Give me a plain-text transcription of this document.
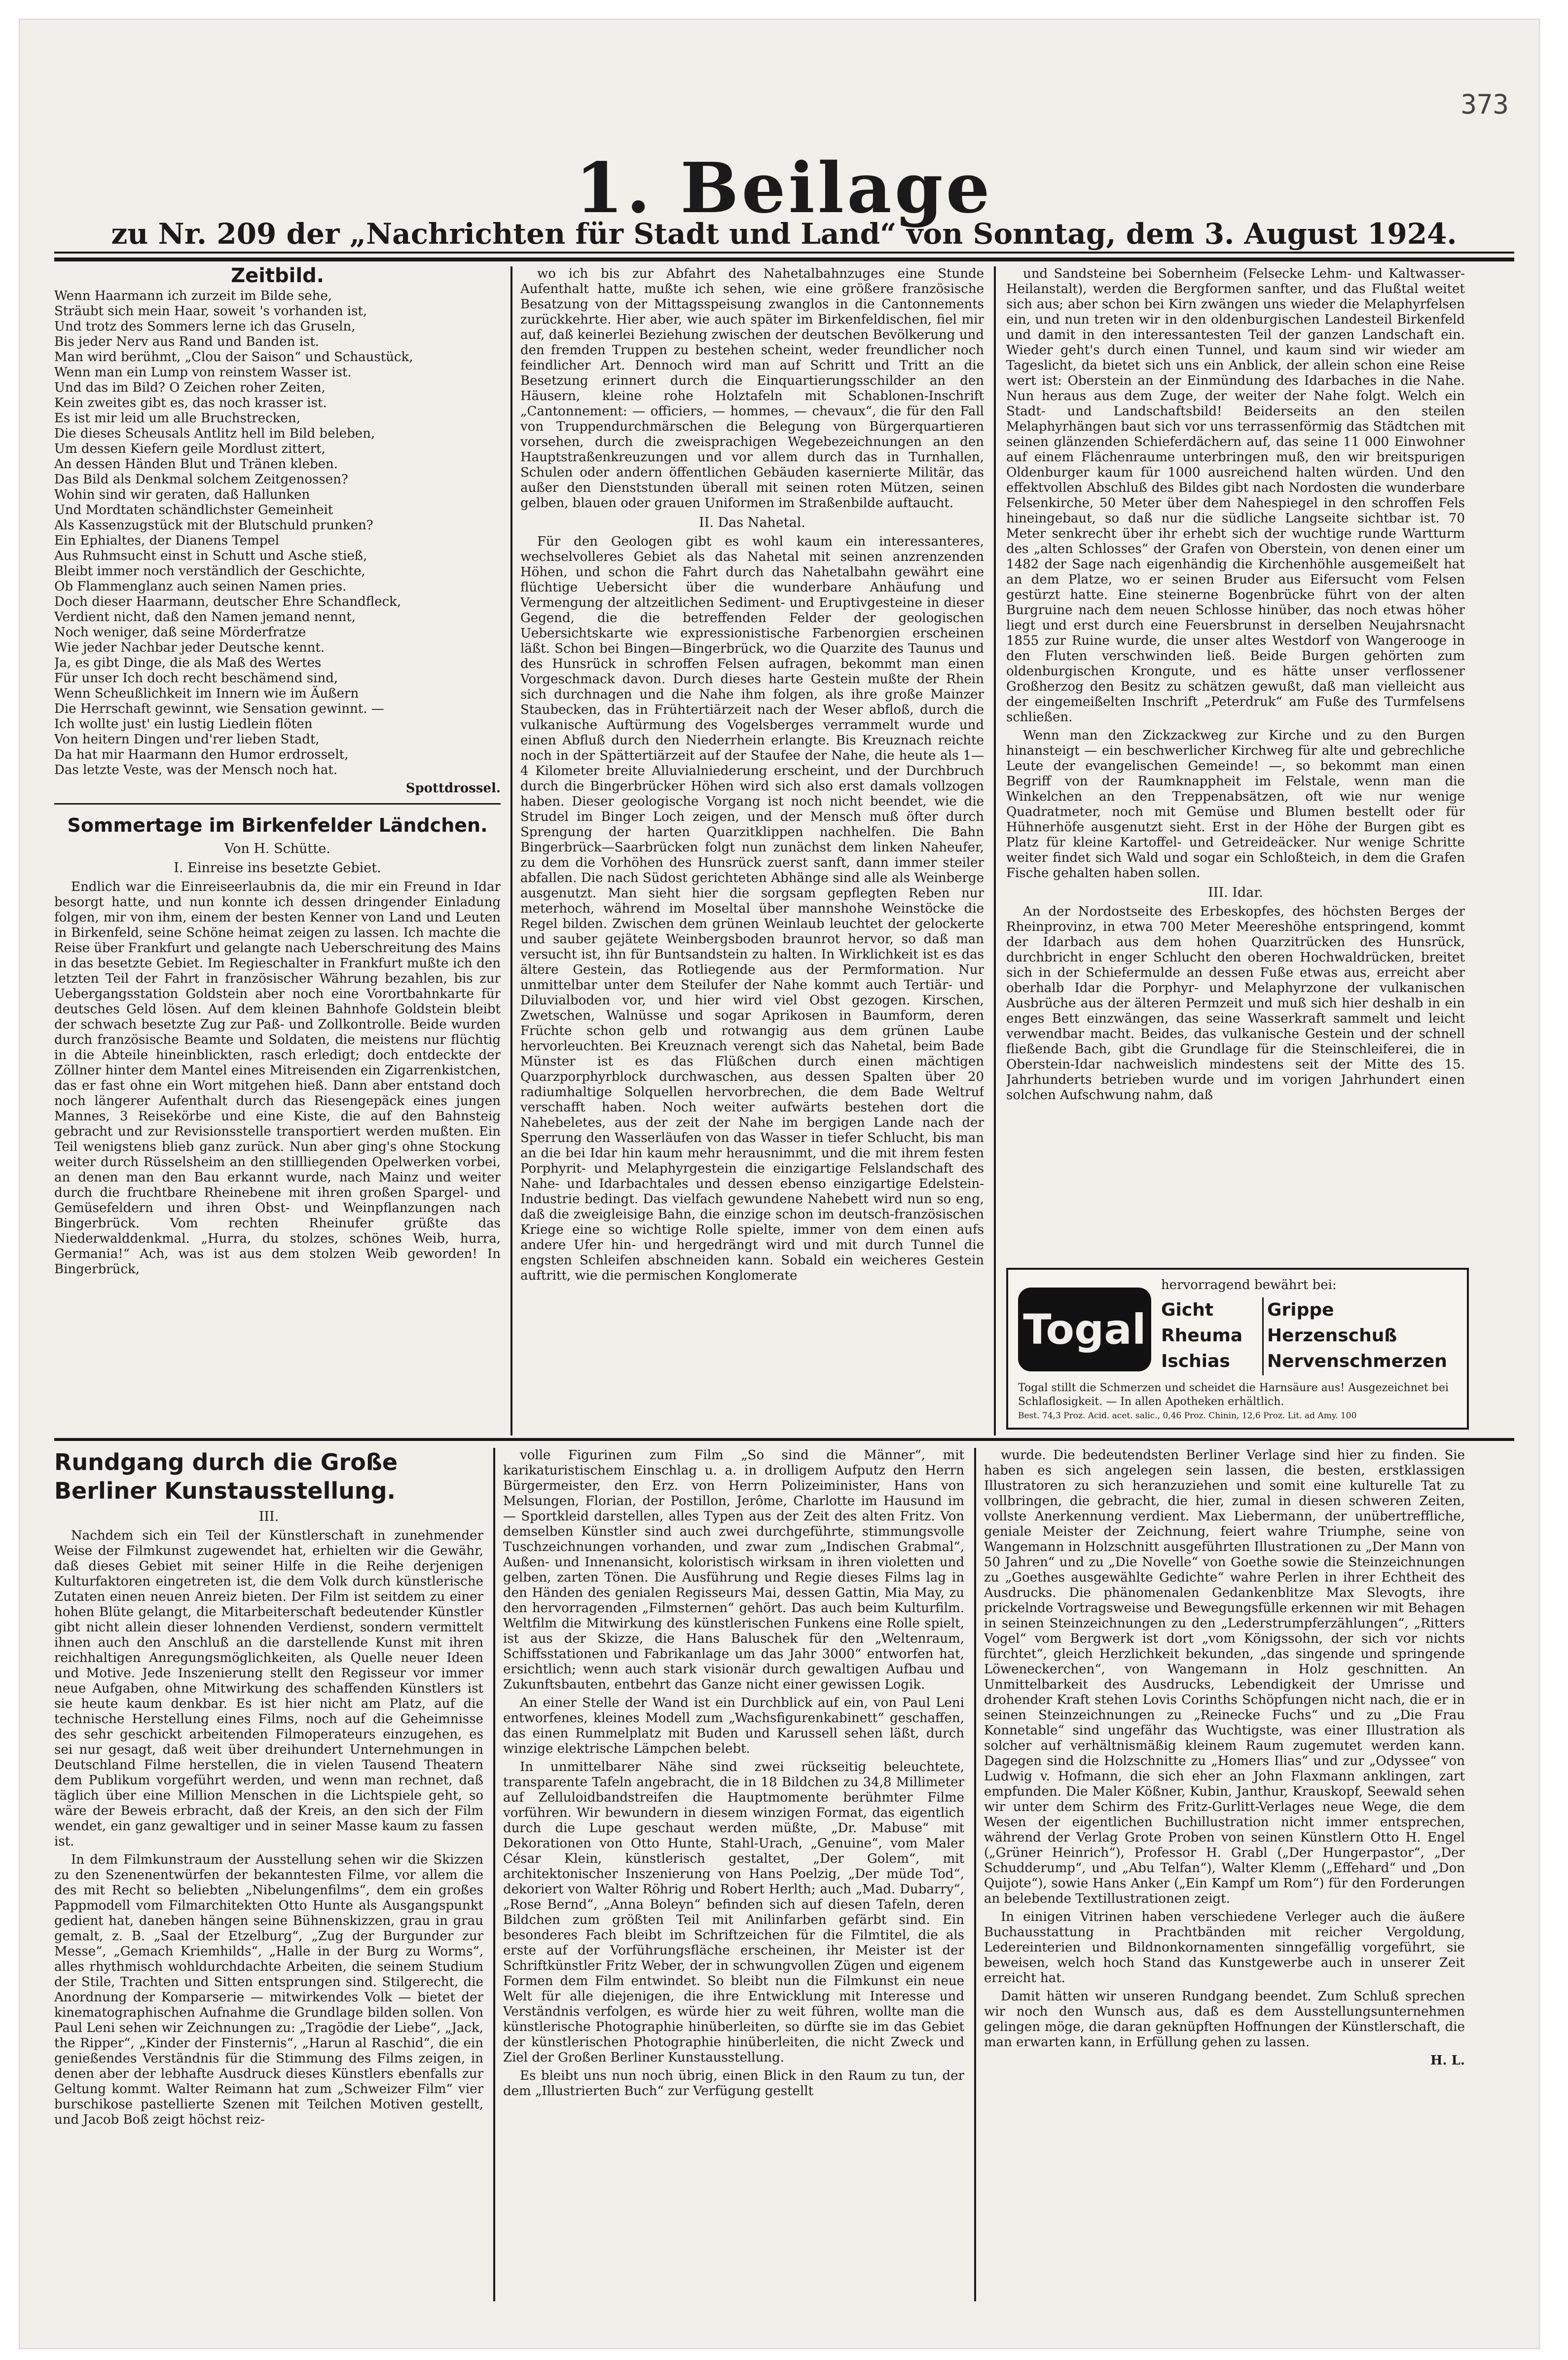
373
1. Beilage
zu Nr. 209 der „Nachrichten für Stadt und Land“ von Sonntag, dem 3. August 1924.
Zeitbild.

Wenn Haarmann ich zurzeit im Bilde sehe,

Sträubt sich mein Haar, soweit 's vorhanden ist,

Und trotz des Sommers lerne ich das Gruseln,

Bis jeder Nerv aus Rand und Banden ist.

Man wird berühmt, „Clou der Saison“ und Schaustück,

Wenn man ein Lump von reinstem Wasser ist.

Und das im Bild? O Zeichen roher Zeiten,

Kein zweites gibt es, das noch krasser ist.

Es ist mir leid um alle Bruchstrecken,

Die dieses Scheusals Antlitz hell im Bild beleben,

Um dessen Kiefern geile Mordlust zittert,

An dessen Händen Blut und Tränen kleben.

Das Bild als Denkmal solchem Zeitgenossen?

Wohin sind wir geraten, daß Hallunken

Und Mordtaten schändlichster Gemeinheit

Als Kassenzugstück mit der Blutschuld prunken?

Ein Ephialtes, der Dianens Tempel

Aus Ruhmsucht einst in Schutt und Asche stieß,

Bleibt immer noch verständlich der Geschichte,

Ob Flammenglanz auch seinen Namen pries.

Doch dieser Haarmann, deutscher Ehre Schandfleck,

Verdient nicht, daß den Namen jemand nennt,

Noch weniger, daß seine Mörderfratze

Wie jeder Nachbar jeder Deutsche kennt.

Ja, es gibt Dinge, die als Maß des Wertes

Für unser Ich doch recht beschämend sind,

Wenn Scheußlichkeit im Innern wie im Äußern

Die Herrschaft gewinnt, wie Sensation gewinnt. —

Ich wollte just' ein lustig Liedlein flöten

Von heitern Dingen und'rer lieben Stadt,

Da hat mir Haarmann den Humor erdrosselt,

Das letzte Veste, was der Mensch noch hat.

Spottdrossel.
Sommertage im Birkenfelder Ländchen.
Von H. Schütte.
I. Einreise ins besetzte Gebiet.

Endlich war die Einreiseerlaubnis da, die mir ein Freund in Idar besorgt hatte, und nun konnte ich dessen dringender Einladung folgen, mir von ihm, einem der besten Kenner von Land und Leuten in Birkenfeld, seine Schöne heimat zeigen zu lassen. Ich machte die Reise über Frankfurt und gelangte nach Ueberschreitung des Mains in das besetzte Gebiet. Im Regieschalter in Frankfurt mußte ich den letzten Teil der Fahrt in französischer Währung bezahlen, bis zur Uebergangsstation Goldstein aber noch eine Vorortbahnkarte für deutsches Geld lösen. Auf dem kleinen Bahnhofe Goldstein bleibt der schwach besetzte Zug zur Paß- und Zollkontrolle. Beide wurden durch französische Beamte und Soldaten, die meistens nur flüchtig in die Abteile hineinblickten, rasch erledigt; doch entdeckte der Zöllner hinter dem Mantel eines Mitreisenden ein Zigarrenkistchen, das er fast ohne ein Wort mitgehen hieß. Dann aber entstand doch noch längerer Aufenthalt durch das Riesengepäck eines jungen Mannes, 3 Reisekörbe und eine Kiste, die auf den Bahnsteig gebracht und zur Revisionsstelle transportiert werden mußten. Ein Teil wenigstens blieb ganz zurück. Nun aber ging's ohne Stockung weiter durch Rüsselsheim an den stillliegenden Opelwerken vorbei, an denen man den Bau erkannt wurde, nach Mainz und weiter durch die fruchtbare Rheinebene mit ihren großen Spargel- und Gemüsefeldern und ihren Obst- und Weinpflanzungen nach Bingerbrück. Vom rechten Rheinufer grüßte das Niederwalddenkmal. „Hurra, du stolzes, schönes Weib, hurra, Germania!“ Ach, was ist aus dem stolzen Weib geworden! In Bingerbrück,

wo ich bis zur Abfahrt des Nahetalbahnzuges eine Stunde Aufenthalt hatte, mußte ich sehen, wie eine größere französische Besatzung von der Mittagsspeisung zwanglos in die Cantonnements zurückkehrte. Hier aber, wie auch später im Birkenfeldischen, fiel mir auf, daß keinerlei Beziehung zwischen der deutschen Bevölkerung und den fremden Truppen zu bestehen scheint, weder freundlicher noch feindlicher Art. Dennoch wird man auf Schritt und Tritt an die Besetzung erinnert durch die Einquartierungsschilder an den Häusern, kleine rohe Holztafeln mit Schablonen-Inschrift „Cantonnement: — officiers, — hommes, — chevaux“, die für den Fall von Truppendurchmärschen die Belegung von Bürgerquartieren vorsehen, durch die zweisprachigen Wegebezeichnungen an den Hauptstraßenkreuzungen und vor allem durch das in Turnhallen, Schulen oder andern öffentlichen Gebäuden kasernierte Militär, das außer den Dienststunden überall mit seinen roten Mützen, seinen gelben, blauen oder grauen Uniformen im Straßenbilde auftaucht.

II. Das Nahetal.

Für den Geologen gibt es wohl kaum ein interessanteres, wechselvolleres Gebiet als das Nahetal mit seinen anzrenzenden Höhen, und schon die Fahrt durch das Nahetalbahn gewährt eine flüchtige Uebersicht über die wunderbare Anhäufung und Vermengung der altzeitlichen Sediment- und Eruptivgesteine in dieser Gegend, die die betreffenden Felder der geologischen Uebersichtskarte wie expressionistische Farbenorgien erscheinen läßt. Schon bei Bingen—Bingerbrück, wo die Quarzite des Taunus und des Hunsrück in schroffen Felsen aufragen, bekommt man einen Vorgeschmack davon. Durch dieses harte Gestein mußte der Rhein sich durchnagen und die Nahe ihm folgen, als ihre große Mainzer Staubecken, das in Frühtertiärzeit nach der Weser abfloß, durch die vulkanische Auftürmung des Vogelsberges verrammelt wurde und einen Abfluß durch den Niederrhein erlangte. Bis Kreuznach reichte noch in der Spättertiärzeit auf der Staufee der Nahe, die heute als 1—4 Kilometer breite Alluvialniederung erscheint, und der Durchbruch durch die Bingerbrücker Höhen wird sich also erst damals vollzogen haben. Dieser geologische Vorgang ist noch nicht beendet, wie die Strudel im Binger Loch zeigen, und der Mensch muß öfter durch Sprengung der harten Quarzitklippen nachhelfen. Die Bahn Bingerbrück—Saarbrücken folgt nun zunächst dem linken Naheufer, zu dem die Vorhöhen des Hunsrück zuerst sanft, dann immer steiler abfallen. Die nach Südost gerichteten Abhänge sind alle als Weinberge ausgenutzt. Man sieht hier die sorgsam gepflegten Reben nur meterhoch, während im Moseltal über mannshohe Weinstöcke die Regel bilden. Zwischen dem grünen Weinlaub leuchtet der gelockerte und sauber gejätete Weinbergsboden braunrot hervor, so daß man versucht ist, ihn für Buntsandstein zu halten. In Wirklichkeit ist es das ältere Gestein, das Rotliegende aus der Permformation. Nur unmittelbar unter dem Steilufer der Nahe kommt auch Tertiär- und Diluvialboden vor, und hier wird viel Obst gezogen. Kirschen, Zwetschen, Walnüsse und sogar Aprikosen in Baumform, deren Früchte schon gelb und rotwangig aus dem grünen Laube hervorleuchten. Bei Kreuznach verengt sich das Nahetal, beim Bade Münster ist es das Flüßchen durch einen mächtigen Quarzporphyrblock durchwaschen, aus dessen Spalten über 20 radiumhaltige Solquellen hervorbrechen, die dem Bade Weltruf verschafft haben. Noch weiter aufwärts bestehen dort die Nahebeletes, aus der zeit der Nahe im bergigen Lande nach der Sperrung den Wasserläufen von das Wasser in tiefer Schlucht, bis man an die bei Idar hin kaum mehr herausnimmt, und die mit ihrem festen Porphyrit- und Melaphyrgestein die einzigartige Felslandschaft des Nahe- und Idarbachtales und dessen ebenso einzigartige Edelstein-Industrie bedingt. Das vielfach gewundene Nahebett wird nun so eng, daß die zweigleisige Bahn, die einzige schon im deutsch-französischen Kriege eine so wichtige Rolle spielte, immer von dem einen aufs andere Ufer hin- und hergedrängt wird und mit durch Tunnel die engsten Schleifen abschneiden kann. Sobald ein weicheres Gestein auftritt, wie die permischen Konglomerate

und Sandsteine bei Sobernheim (Felsecke Lehm- und Kaltwasser-Heilanstalt), werden die Bergformen sanfter, und das Flußtal weitet sich aus; aber schon bei Kirn zwängen uns wieder die Melaphyrfelsen ein, und nun treten wir in den oldenburgischen Landesteil Birkenfeld und damit in den interessantesten Teil der ganzen Landschaft ein. Wieder geht's durch einen Tunnel, und kaum sind wir wieder am Tageslicht, da bietet sich uns ein Anblick, der allein schon eine Reise wert ist: Oberstein an der Einmündung des Idarbaches in die Nahe. Nun heraus aus dem Zuge, der weiter der Nahe folgt. Welch ein Stadt- und Landschaftsbild! Beiderseits an den steilen Melaphyrhängen baut sich vor uns terrassenförmig das Städtchen mit seinen glänzenden Schieferdächern auf, das seine 11 000 Einwohner auf einem Flächenraume unterbringen muß, den wir breitspurigen Oldenburger kaum für 1000 ausreichend halten würden. Und den effektvollen Abschluß des Bildes gibt nach Nordosten die wunderbare Felsenkirche, 50 Meter über dem Nahespiegel in den schroffen Fels hineingebaut, so daß nur die südliche Langseite sichtbar ist. 70 Meter senkrecht über ihr erhebt sich der wuchtige runde Wartturm des „alten Schlosses“ der Grafen von Oberstein, von denen einer um 1482 der Sage nach eigenhändig die Kirchenhöhle ausgemeißelt hat an dem Platze, wo er seinen Bruder aus Eifersucht vom Felsen gestürzt hatte. Eine steinerne Bogenbrücke führt von der alten Burgruine nach dem neuen Schlosse hinüber, das noch etwas höher liegt und erst durch eine Feuersbrunst in derselben Neujahrsnacht 1855 zur Ruine wurde, die unser altes Westdorf von Wangerooge in den Fluten verschwinden ließ. Beide Burgen gehörten zum oldenburgischen Krongute, und es hätte unser verflossener Großherzog den Besitz zu schätzen gewußt, daß man vielleicht aus der eingemeißelten Inschrift „Peterdruk“ am Fuße des Turmfelsens schließen.

Wenn man den Zickzackweg zur Kirche und zu den Burgen hinansteigt — ein beschwerlicher Kirchweg für alte und gebrechliche Leute der evangelischen Gemeinde! —, so bekommt man einen Begriff von der Raumknappheit im Felstale, wenn man die Winkelchen an den Treppenabsätzen, oft wie nur wenige Quadratmeter, noch mit Gemüse und Blumen bestellt oder für Hühnerhöfe ausgenutzt sieht. Erst in der Höhe der Burgen gibt es Platz für kleine Kartoffel- und Getreideäcker. Nur wenige Schritte weiter findet sich Wald und sogar ein Schloßteich, in dem die Grafen Fische gehalten haben sollen.

III. Idar.

An der Nordostseite des Erbeskopfes, des höchsten Berges der Rheinprovinz, in etwa 700 Meter Meereshöhe entspringend, kommt der Idarbach aus dem hohen Quarzitrücken des Hunsrück, durchbricht in enger Schlucht den oberen Hochwaldrücken, breitet sich in der Schiefermulde an dessen Fuße etwas aus, erreicht aber oberhalb Idar die Porphyr- und Melaphyrzone der vulkanischen Ausbrüche aus der älteren Permzeit und muß sich hier deshalb in ein enges Bett einzwängen, das seine Wasserkraft sammelt und leicht verwendbar macht. Beides, das vulkanische Gestein und der schnell fließende Bach, gibt die Grundlage für die Steinschleiferei, die in Oberstein-Idar nachweislich mindestens seit der Mitte des 15. Jahrhunderts betrieben wurde und im vorigen Jahrhundert einen solchen Aufschwung nahm, daß

Togal
hervorragend bewährt bei:
Gicht
Rheuma
Ischias
Grippe
Herzenschuß
Nervenschmerzen
Togal stillt die Schmerzen und scheidet die Harnsäure aus! Ausgezeichnet bei Schlaflosigkeit. — In allen Apotheken erhältlich.
Best. 74,3 Proz. Acid. acet. salic., 0,46 Proz. Chinin, 12,6 Proz. Lit. ad Amy. 100
Rundgang durch die Große Berliner Kunstausstellung.
III.

Nachdem sich ein Teil der Künstlerschaft in zunehmender Weise der Filmkunst zugewendet hat, erhielten wir die Gewähr, daß dieses Gebiet mit seiner Hilfe in die Reihe derjenigen Kulturfaktoren eingetreten ist, die dem Volk durch künstlerische Zutaten einen neuen Anreiz bieten. Der Film ist seitdem zu einer hohen Blüte gelangt, die Mitarbeiterschaft bedeutender Künstler gibt nicht allein dieser lohnenden Verdienst, sondern vermittelt ihnen auch den Anschluß an die darstellende Kunst mit ihren reichhaltigen Anregungsmöglichkeiten, als Quelle neuer Ideen und Motive. Jede Inszenierung stellt den Regisseur vor immer neue Aufgaben, ohne Mitwirkung des schaffenden Künstlers ist sie heute kaum denkbar. Es ist hier nicht am Platz, auf die technische Herstellung eines Films, noch auf die Geheimnisse des sehr geschickt arbeitenden Filmoperateurs einzugehen, es sei nur gesagt, daß weit über dreihundert Unternehmungen in Deutschland Filme herstellen, die in vielen Tausend Theatern dem Publikum vorgeführt werden, und wenn man rechnet, daß täglich über eine Million Menschen in die Lichtspiele geht, so wäre der Beweis erbracht, daß der Kreis, an den sich der Film wendet, ein ganz gewaltiger und in seiner Masse kaum zu fassen ist.

In dem Filmkunstraum der Ausstellung sehen wir die Skizzen zu den Szenenentwürfen der bekanntesten Filme, vor allem die des mit Recht so beliebten „Nibelungenfilms“, dem ein großes Pappmodell vom Filmarchitekten Otto Hunte als Ausgangspunkt gedient hat, daneben hängen seine Bühnenskizzen, grau in grau gemalt, z. B. „Saal der Etzelburg“, „Zug der Burgunder zur Messe“, „Gemach Kriemhilds“, „Halle in der Burg zu Worms“, alles rhythmisch wohldurchdachte Arbeiten, die seinem Studium der Stile, Trachten und Sitten entsprungen sind. Stilgerecht, die Anordnung der Komparserie — mitwirkendes Volk — bietet der kinematographischen Aufnahme die Grundlage bilden sollen. Von Paul Leni sehen wir Zeichnungen zu: „Tragödie der Liebe“, „Jack, the Ripper“, „Kinder der Finsternis“, „Harun al Raschid“, die ein genießendes Verständnis für die Stimmung des Films zeigen, in denen aber der lebhafte Ausdruck dieses Künstlers ebenfalls zur Geltung kommt. Walter Reimann hat zum „Schweizer Film“ vier burschikose pastellierte Szenen mit Teilchen Motiven gestellt, und Jacob Boß zeigt höchst reiz-

volle Figurinen zum Film „So sind die Männer“, mit karikaturistischem Einschlag u. a. in drolligem Aufputz den Herrn Bürgermeister, den Erz. von Herrn Polizeiminister, Hans von Melsungen, Florian, der Postillon, Jerôme, Charlotte im Hausund im — Sportkleid darstellen, alles Typen aus der Zeit des alten Fritz. Von demselben Künstler sind auch zwei durchgeführte, stimmungsvolle Tuschzeichnungen vorhanden, und zwar zum „Indischen Grabmal“, Außen- und Innenansicht, koloristisch wirksam in ihren violetten und gelben, zarten Tönen. Die Ausführung und Regie dieses Films lag in den Händen des genialen Regisseurs Mai, dessen Gattin, Mia May, zu den hervorragenden „Filmsternen“ gehört. Das auch beim Kulturfilm. Weltfilm die Mitwirkung des künstlerischen Funkens eine Rolle spielt, ist aus der Skizze, die Hans Baluschek für den „Weltenraum, Schiffsstationen und Fabrikanlage um das Jahr 3000“ entworfen hat, ersichtlich; wenn auch stark visionär durch gewaltigen Aufbau und Zukunftsbauten, entbehrt das Ganze nicht einer gewissen Logik.

An einer Stelle der Wand ist ein Durchblick auf ein, von Paul Leni entworfenes, kleines Modell zum „Wachsfigurenkabinett“ geschaffen, das einen Rummelplatz mit Buden und Karussell sehen läßt, durch winzige elektrische Lämpchen belebt.

In unmittelbarer Nähe sind zwei rückseitig beleuchtete, transparente Tafeln angebracht, die in 18 Bildchen zu 34,8 Millimeter auf Zelluloidbandstreifen die Hauptmomente berühmter Filme vorführen. Wir bewundern in diesem winzigen Format, das eigentlich durch die Lupe geschaut werden müßte, „Dr. Mabuse“ mit Dekorationen von Otto Hunte, Stahl-Urach, „Genuine“, vom Maler César Klein, künstlerisch gestaltet, „Der Golem“, mit architektonischer Inszenierung von Hans Poelzig, „Der müde Tod“, dekoriert von Walter Röhrig und Robert Herlth; auch „Mad. Dubarry“, „Rose Bernd“, „Anna Boleyn“ befinden sich auf diesen Tafeln, deren Bildchen zum größten Teil mit Anilinfarben gefärbt sind. Ein besonderes Fach bleibt im Schriftzeichen für die Filmtitel, die als erste auf der Vorführungsfläche erscheinen, ihr Meister ist der Schriftkünstler Fritz Weber, der in schwungvollen Zügen und eigenem Formen dem Film entwindet. So bleibt nun die Filmkunst ein neue Welt für alle diejenigen, die ihre Entwicklung mit Interesse und Verständnis verfolgen, es würde hier zu weit führen, wollte man die künstlerische Photographie hinüberleiten, so dürfte sie im das Gebiet der künstlerischen Photographie hinüberleiten, die nicht Zweck und Ziel der Großen Berliner Kunstausstellung.

Es bleibt uns nun noch übrig, einen Blick in den Raum zu tun, der dem „Illustrierten Buch“ zur Verfügung gestellt

wurde. Die bedeutendsten Berliner Verlage sind hier zu finden. Sie haben es sich angelegen sein lassen, die besten, erstklassigen Illustratoren zu sich heranzuziehen und somit eine kulturelle Tat zu vollbringen, die gebracht, die hier, zumal in diesen schweren Zeiten, vollste Anerkennung verdient. Max Liebermann, der unübertreffliche, geniale Meister der Zeichnung, feiert wahre Triumphe, seine von Wangemann in Holzschnitt ausgeführten Illustrationen zu „Der Mann von 50 Jahren“ und zu „Die Novelle“ von Goethe sowie die Steinzeichnungen zu „Goethes ausgewählte Gedichte“ wahre Perlen in ihrer Echtheit des Ausdrucks. Die phänomenalen Gedankenblitze Max Slevogts, ihre prickelnde Vortragsweise und Bewegungsfülle erkennen wir mit Behagen in seinen Steinzeichnungen zu den „Lederstrumpferzählungen“, „Ritters Vogel“ vom Bergwerk ist dort „vom Königssohn, der sich vor nichts fürchtet“, gleich Herzlichkeit bekunden, „das singende und springende Löweneckerchen“, von Wangemann in Holz geschnitten. An Unmittelbarkeit des Ausdrucks, Lebendigkeit der Umrisse und drohender Kraft stehen Lovis Corinths Schöpfungen nicht nach, die er in seinen Steinzeichnungen zu „Reinecke Fuchs“ und zu „Die Frau Konnetable“ sind ungefähr das Wuchtigste, was einer Illustration als solcher auf verhältnismäßig kleinem Raum zugemutet werden kann. Dagegen sind die Holzschnitte zu „Homers Ilias“ und zur „Odyssee“ von Ludwig v. Hofmann, die sich eher an John Flaxmann anklingen, zart empfunden. Die Maler Kößner, Kubin, Janthur, Krauskopf, Seewald sehen wir unter dem Schirm des Fritz-Gurlitt-Verlages neue Wege, die dem Wesen der eigentlichen Buchillustration nicht immer entsprechen, während der Verlag Grote Proben von seinen Künstlern Otto H. Engel („Grüner Heinrich“), Professor H. Grabl („Der Hungerpastor“, „Der Schudderump“, und „Abu Telfan“), Walter Klemm („Effehard“ und „Don Quijote“), sowie Hans Anker („Ein Kampf um Rom“) für den Forderungen an belebende Textillustrationen zeigt.

In einigen Vitrinen haben verschiedene Verleger auch die äußere Buchausstattung in Prachtbänden mit reicher Vergoldung, Ledereinterien und Bildnonkornamenten sinngefällig vorgeführt, sie beweisen, welch hoch Stand das Kunstgewerbe auch in unserer Zeit erreicht hat.

Damit hätten wir unseren Rundgang beendet. Zum Schluß sprechen wir noch den Wunsch aus, daß es dem Ausstellungsunternehmen gelingen möge, die daran geknüpften Hoffnungen der Künstlerschaft, die man erwarten kann, in Erfüllung gehen zu lassen.

H. L.
